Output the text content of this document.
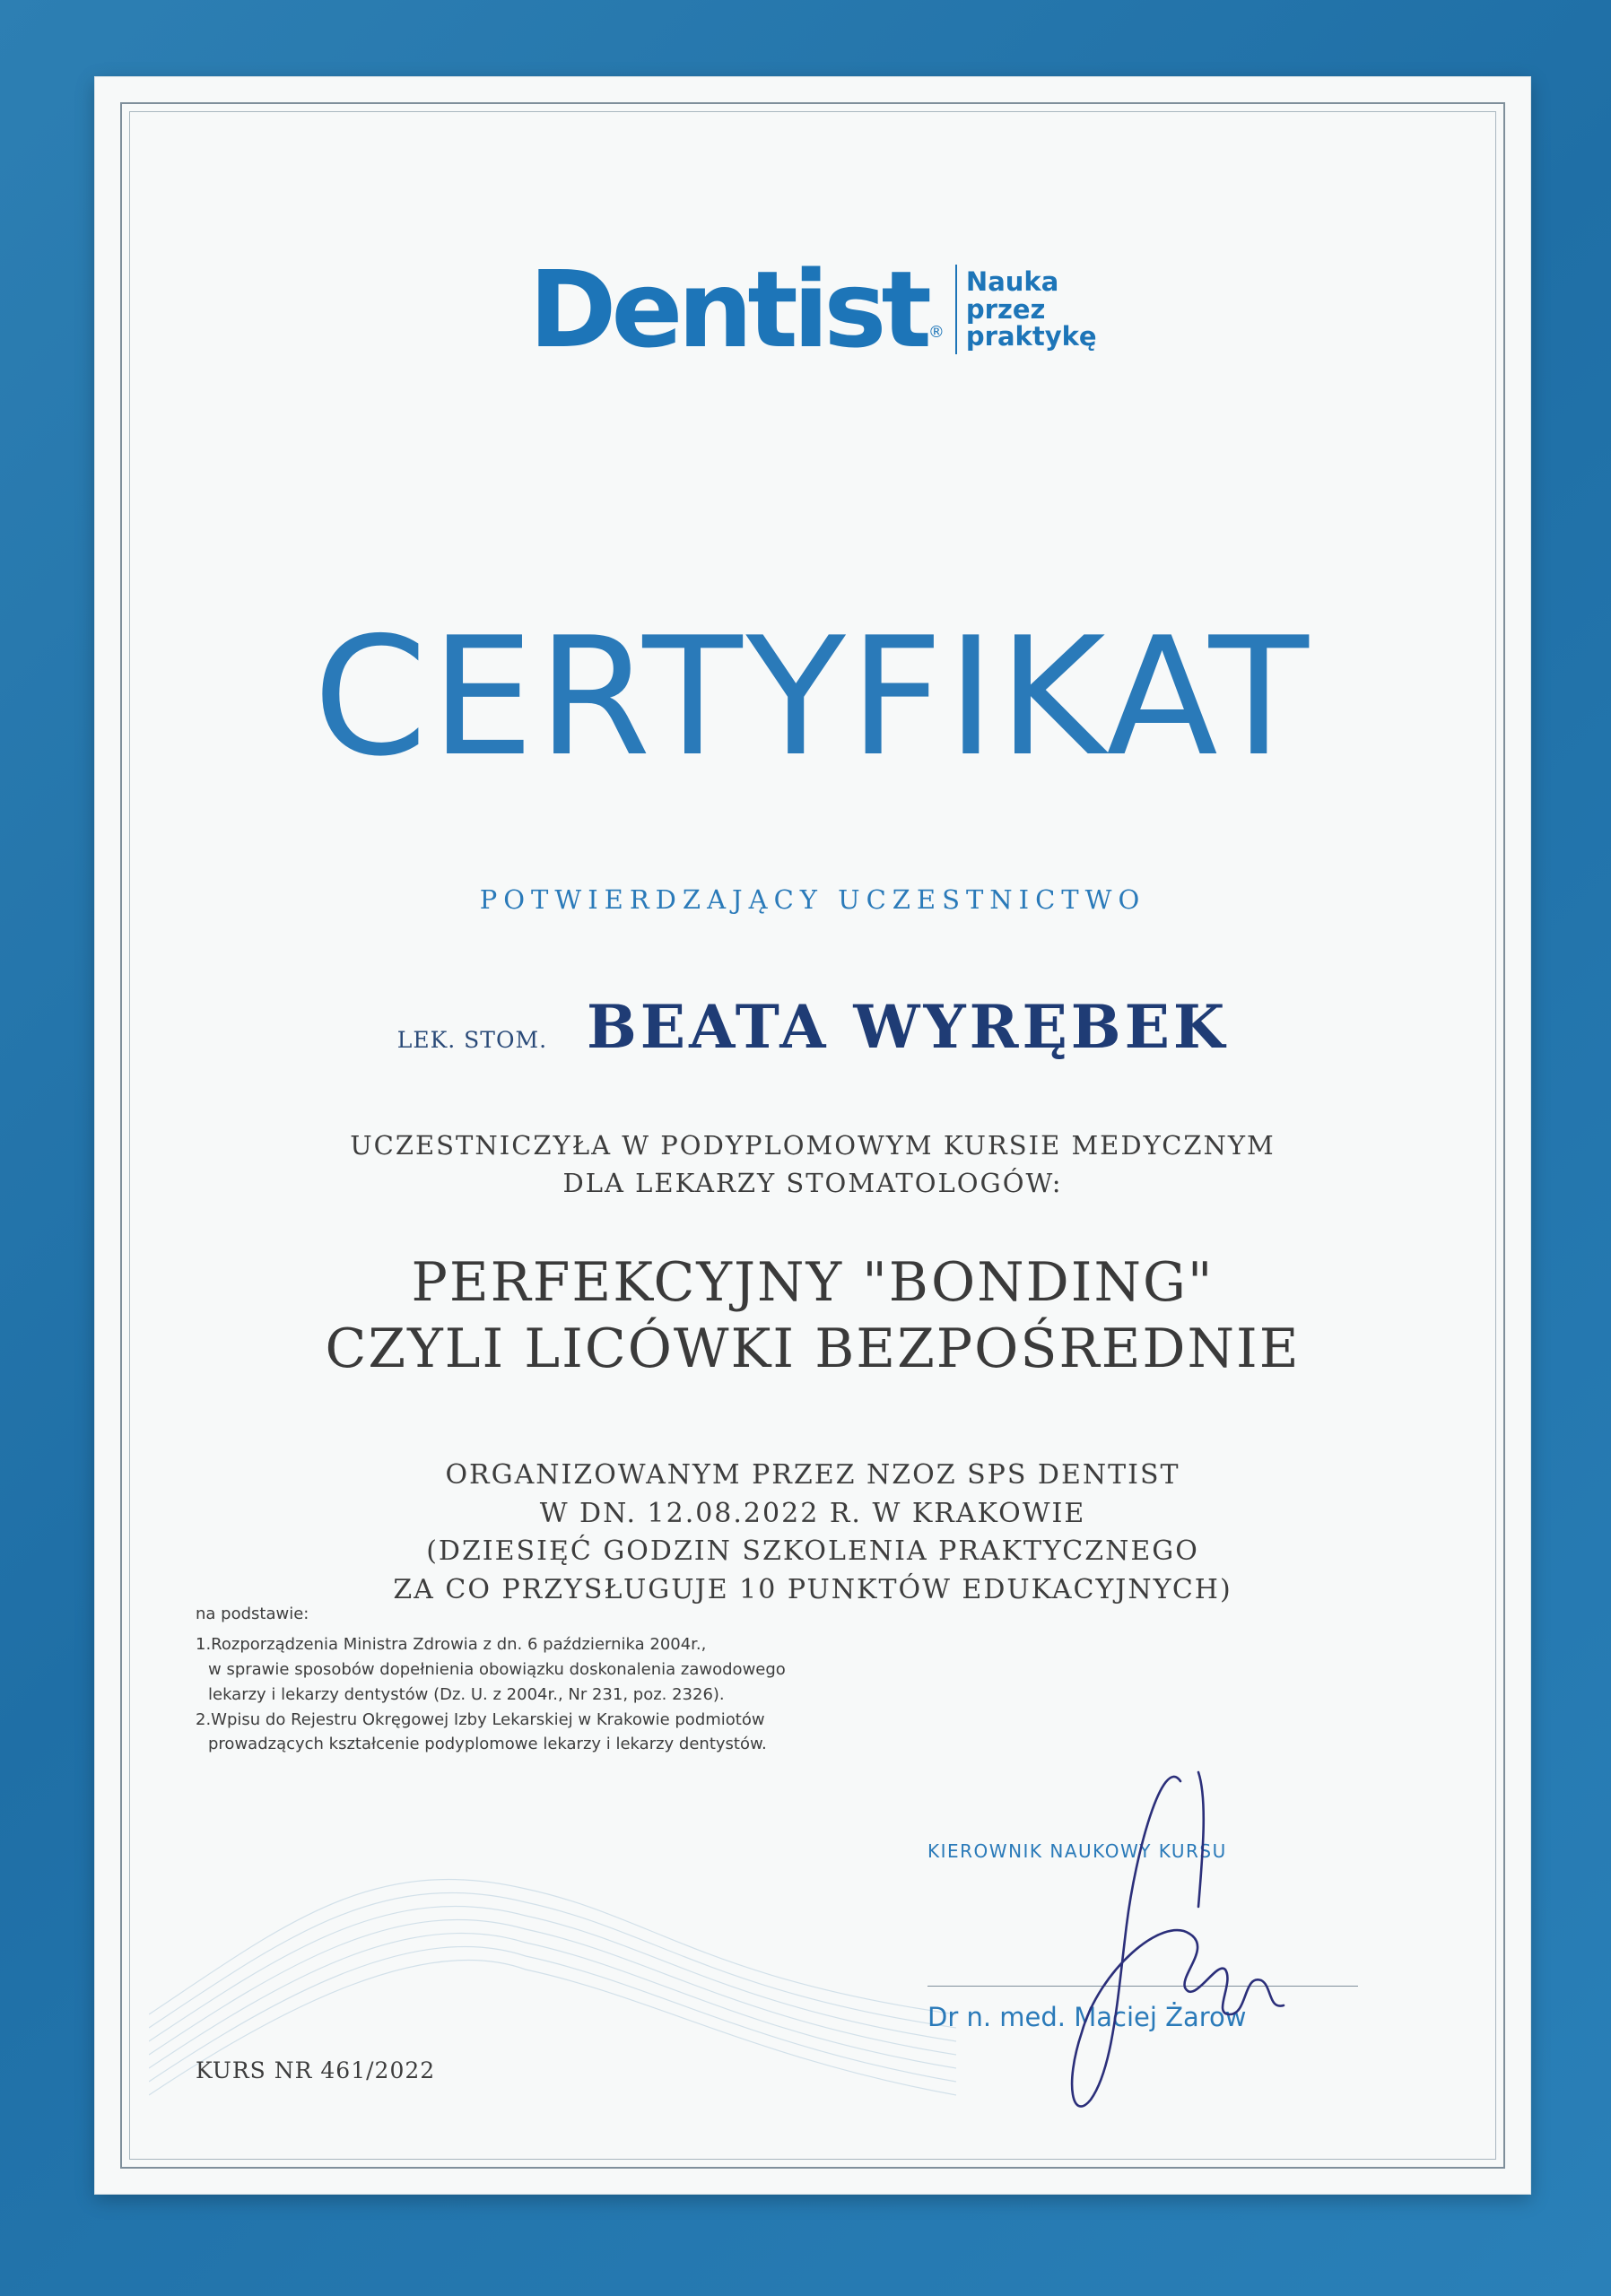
Dentist ®
Nauka
przez
praktykę
CERTYFIKAT
POTWIERDZAJĄCY UCZESTNICTWO
LEK. STOM. BEATA WYRĘBEK
UCZESTNICZYŁA W PODYPLOMOWYM KURSIE MEDYCZNYM
DLA LEKARZY STOMATOLOGÓW:
PERFEKCYJNY "BONDING"
CZYLI LICÓWKI BEZPOŚREDNIE
ORGANIZOWANYM PRZEZ NZOZ SPS DENTIST
W DN. 12.08.2022 R. W KRAKOWIE
(DZIESIĘĆ GODZIN SZKOLENIA PRAKTYCZNEGO
ZA CO PRZYSŁUGUJE 10 PUNKTÓW EDUKACYJNYCH)
na podstawie:
1.Rozporządzenia Ministra Zdrowia z dn. 6 października 2004r.,
w sprawie sposobów dopełnienia obowiązku doskonalenia zawodowego
lekarzy i lekarzy dentystów (Dz. U. z 2004r., Nr 231, poz. 2326).
2.Wpisu do Rejestru Okręgowej Izby Lekarskiej w Krakowie podmiotów
prowadzących kształcenie podyplomowe lekarzy i lekarzy dentystów.
KIEROWNIK NAUKOWY KURSU
Dr n. med. Maciej Żarow
KURS NR 461/2022
